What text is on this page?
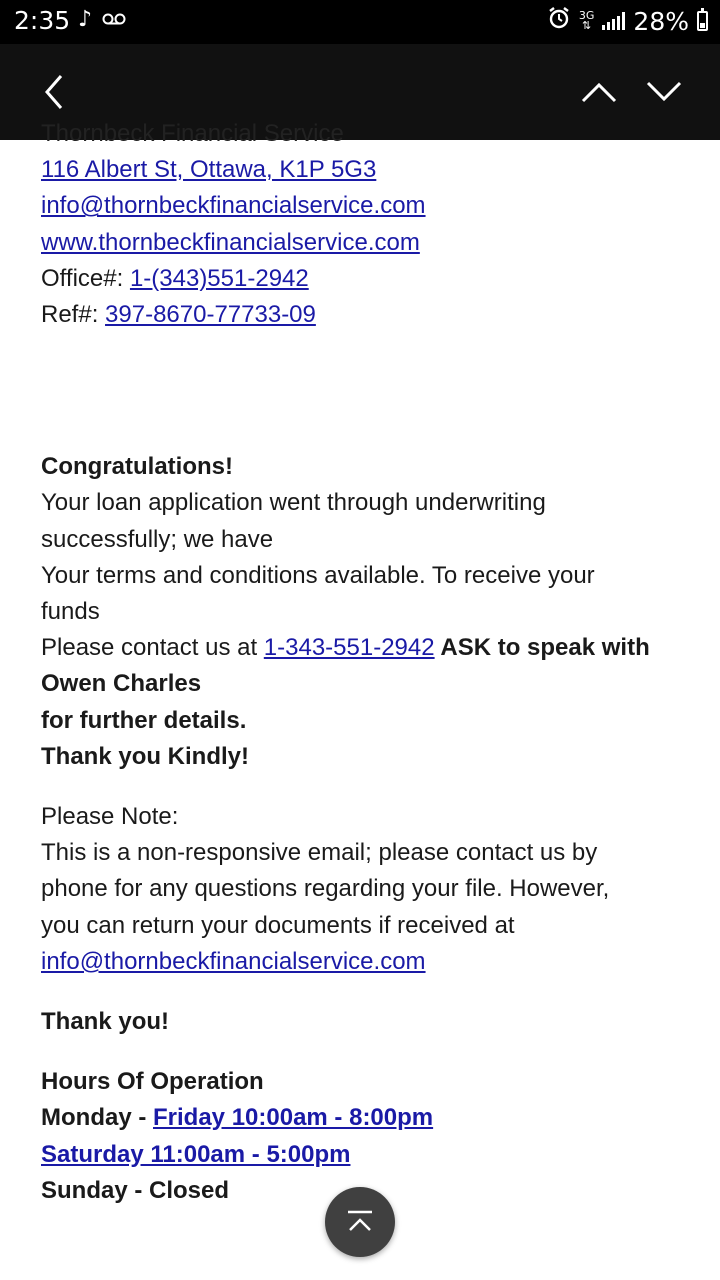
2:35 ♪	3G
⇅ 28%
Thornbeck Financial Service
116 Albert St, Ottawa, K1P 5G3
info@thornbeckfinancialservice.com
www.thornbeckfinancialservice.com
Office#: 1-(343)551-2942
Ref#: 397-8670-77733-09
Congratulations!
Your loan application went through underwriting
successfully; we have
Your terms and conditions available. To receive your
funds
Please contact us at 1-343-551-2942 ASK to speak with
Owen Charles
for further details.
Thank you Kindly!
Please Note:
This is a non-responsive email; please contact us by
phone for any questions regarding your file. However,
you can return your documents if received at
info@thornbeckfinancialservice.com
Thank you!
Hours Of Operation
Monday - Friday 10:00am - 8:00pm
Saturday 11:00am - 5:00pm
Sunday - Closed
